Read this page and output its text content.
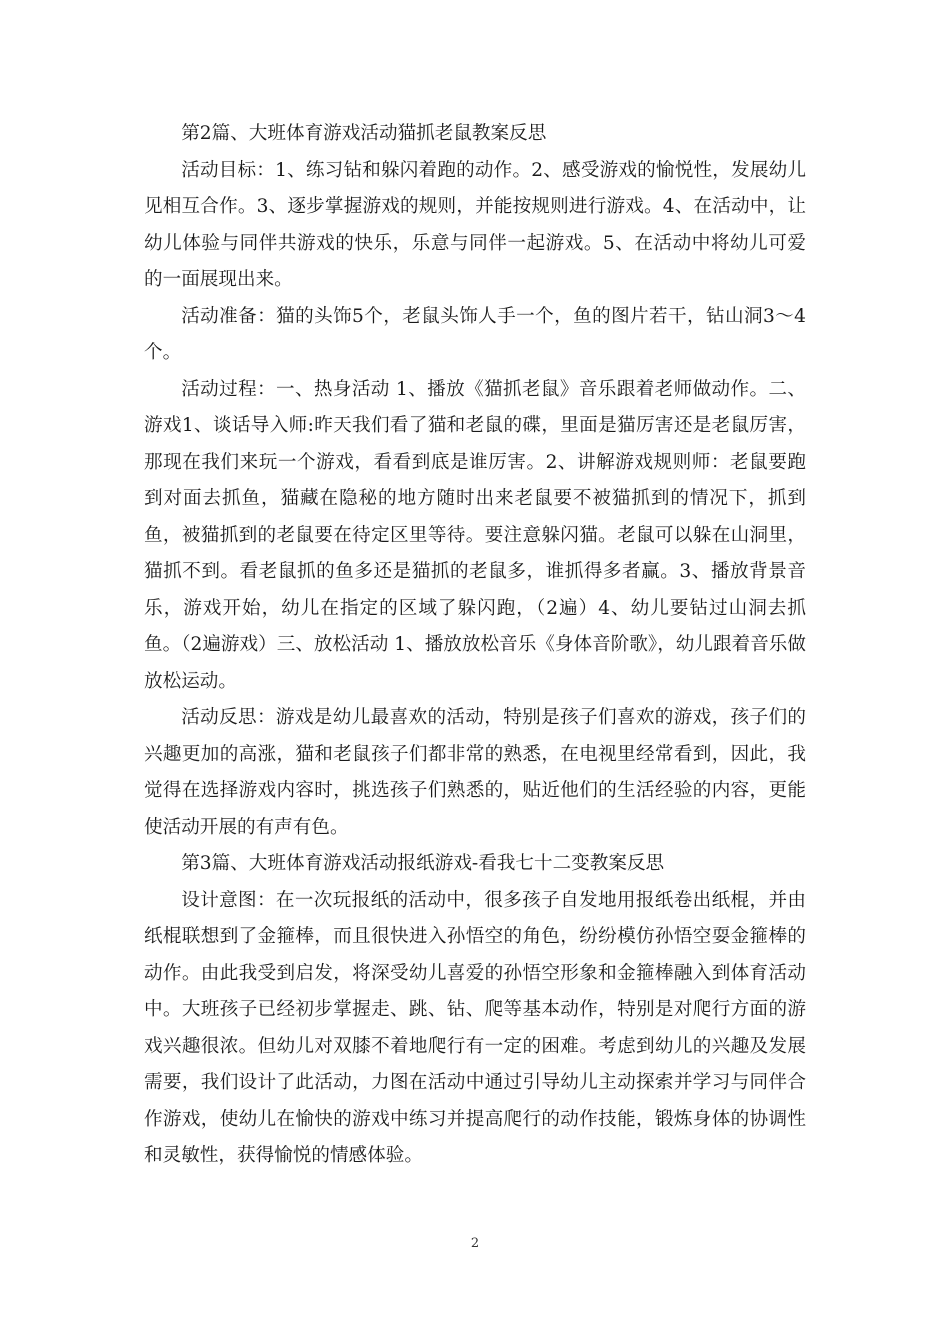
第2篇、大班体育游戏活动猫抓老鼠教案反思

活动目标：1、练习钻和躲闪着跑的动作。2、感受游戏的愉悦性，发展幼儿见相互合作。3、逐步掌握游戏的规则，并能按规则进行游戏。4、在活动中，让幼儿体验与同伴共游戏的快乐，乐意与同伴一起游戏。5、在活动中将幼儿可爱的一面展现出来。

活动准备：猫的头饰5个，老鼠头饰人手一个，鱼的图片若干，钻山洞3～4个。

活动过程：一、热身活动 1、播放《猫抓老鼠》音乐跟着老师做动作。二、游戏1、谈话导入师:昨天我们看了猫和老鼠的碟，里面是猫厉害还是老鼠厉害，那现在我们来玩一个游戏，看看到底是谁厉害。2、讲解游戏规则师：老鼠要跑到对面去抓鱼，猫藏在隐秘的地方随时出来老鼠要不被猫抓到的情况下，抓到鱼，被猫抓到的老鼠要在待定区里等待。要注意躲闪猫。老鼠可以躲在山洞里，猫抓不到。看老鼠抓的鱼多还是猫抓的老鼠多，谁抓得多者赢。3、播放背景音乐，游戏开始，幼儿在指定的区域了躲闪跑，（2遍）4、幼儿要钻过山洞去抓鱼。（2遍游戏）三、放松活动 1、播放放松音乐《身体音阶歌》，幼儿跟着音乐做放松运动。

活动反思：游戏是幼儿最喜欢的活动，特别是孩子们喜欢的游戏，孩子们的兴趣更加的高涨，猫和老鼠孩子们都非常的熟悉，在电视里经常看到，因此，我觉得在选择游戏内容时，挑选孩子们熟悉的，贴近他们的生活经验的内容，更能使活动开展的有声有色。

第3篇、大班体育游戏活动报纸游戏-看我七十二变教案反思

设计意图：在一次玩报纸的活动中，很多孩子自发地用报纸卷出纸棍，并由纸棍联想到了金箍棒，而且很快进入孙悟空的角色，纷纷模仿孙悟空耍金箍棒的动作。由此我受到启发，将深受幼儿喜爱的孙悟空形象和金箍棒融入到体育活动中。大班孩子已经初步掌握走、跳、钻、爬等基本动作，特别是对爬行方面的游戏兴趣很浓。但幼儿对双膝不着地爬行有一定的困难。考虑到幼儿的兴趣及发展需要，我们设计了此活动，力图在活动中通过引导幼儿主动探索并学习与同伴合作游戏，使幼儿在愉快的游戏中练习并提高爬行的动作技能，锻炼身体的协调性和灵敏性，获得愉悦的情感体验。

2
